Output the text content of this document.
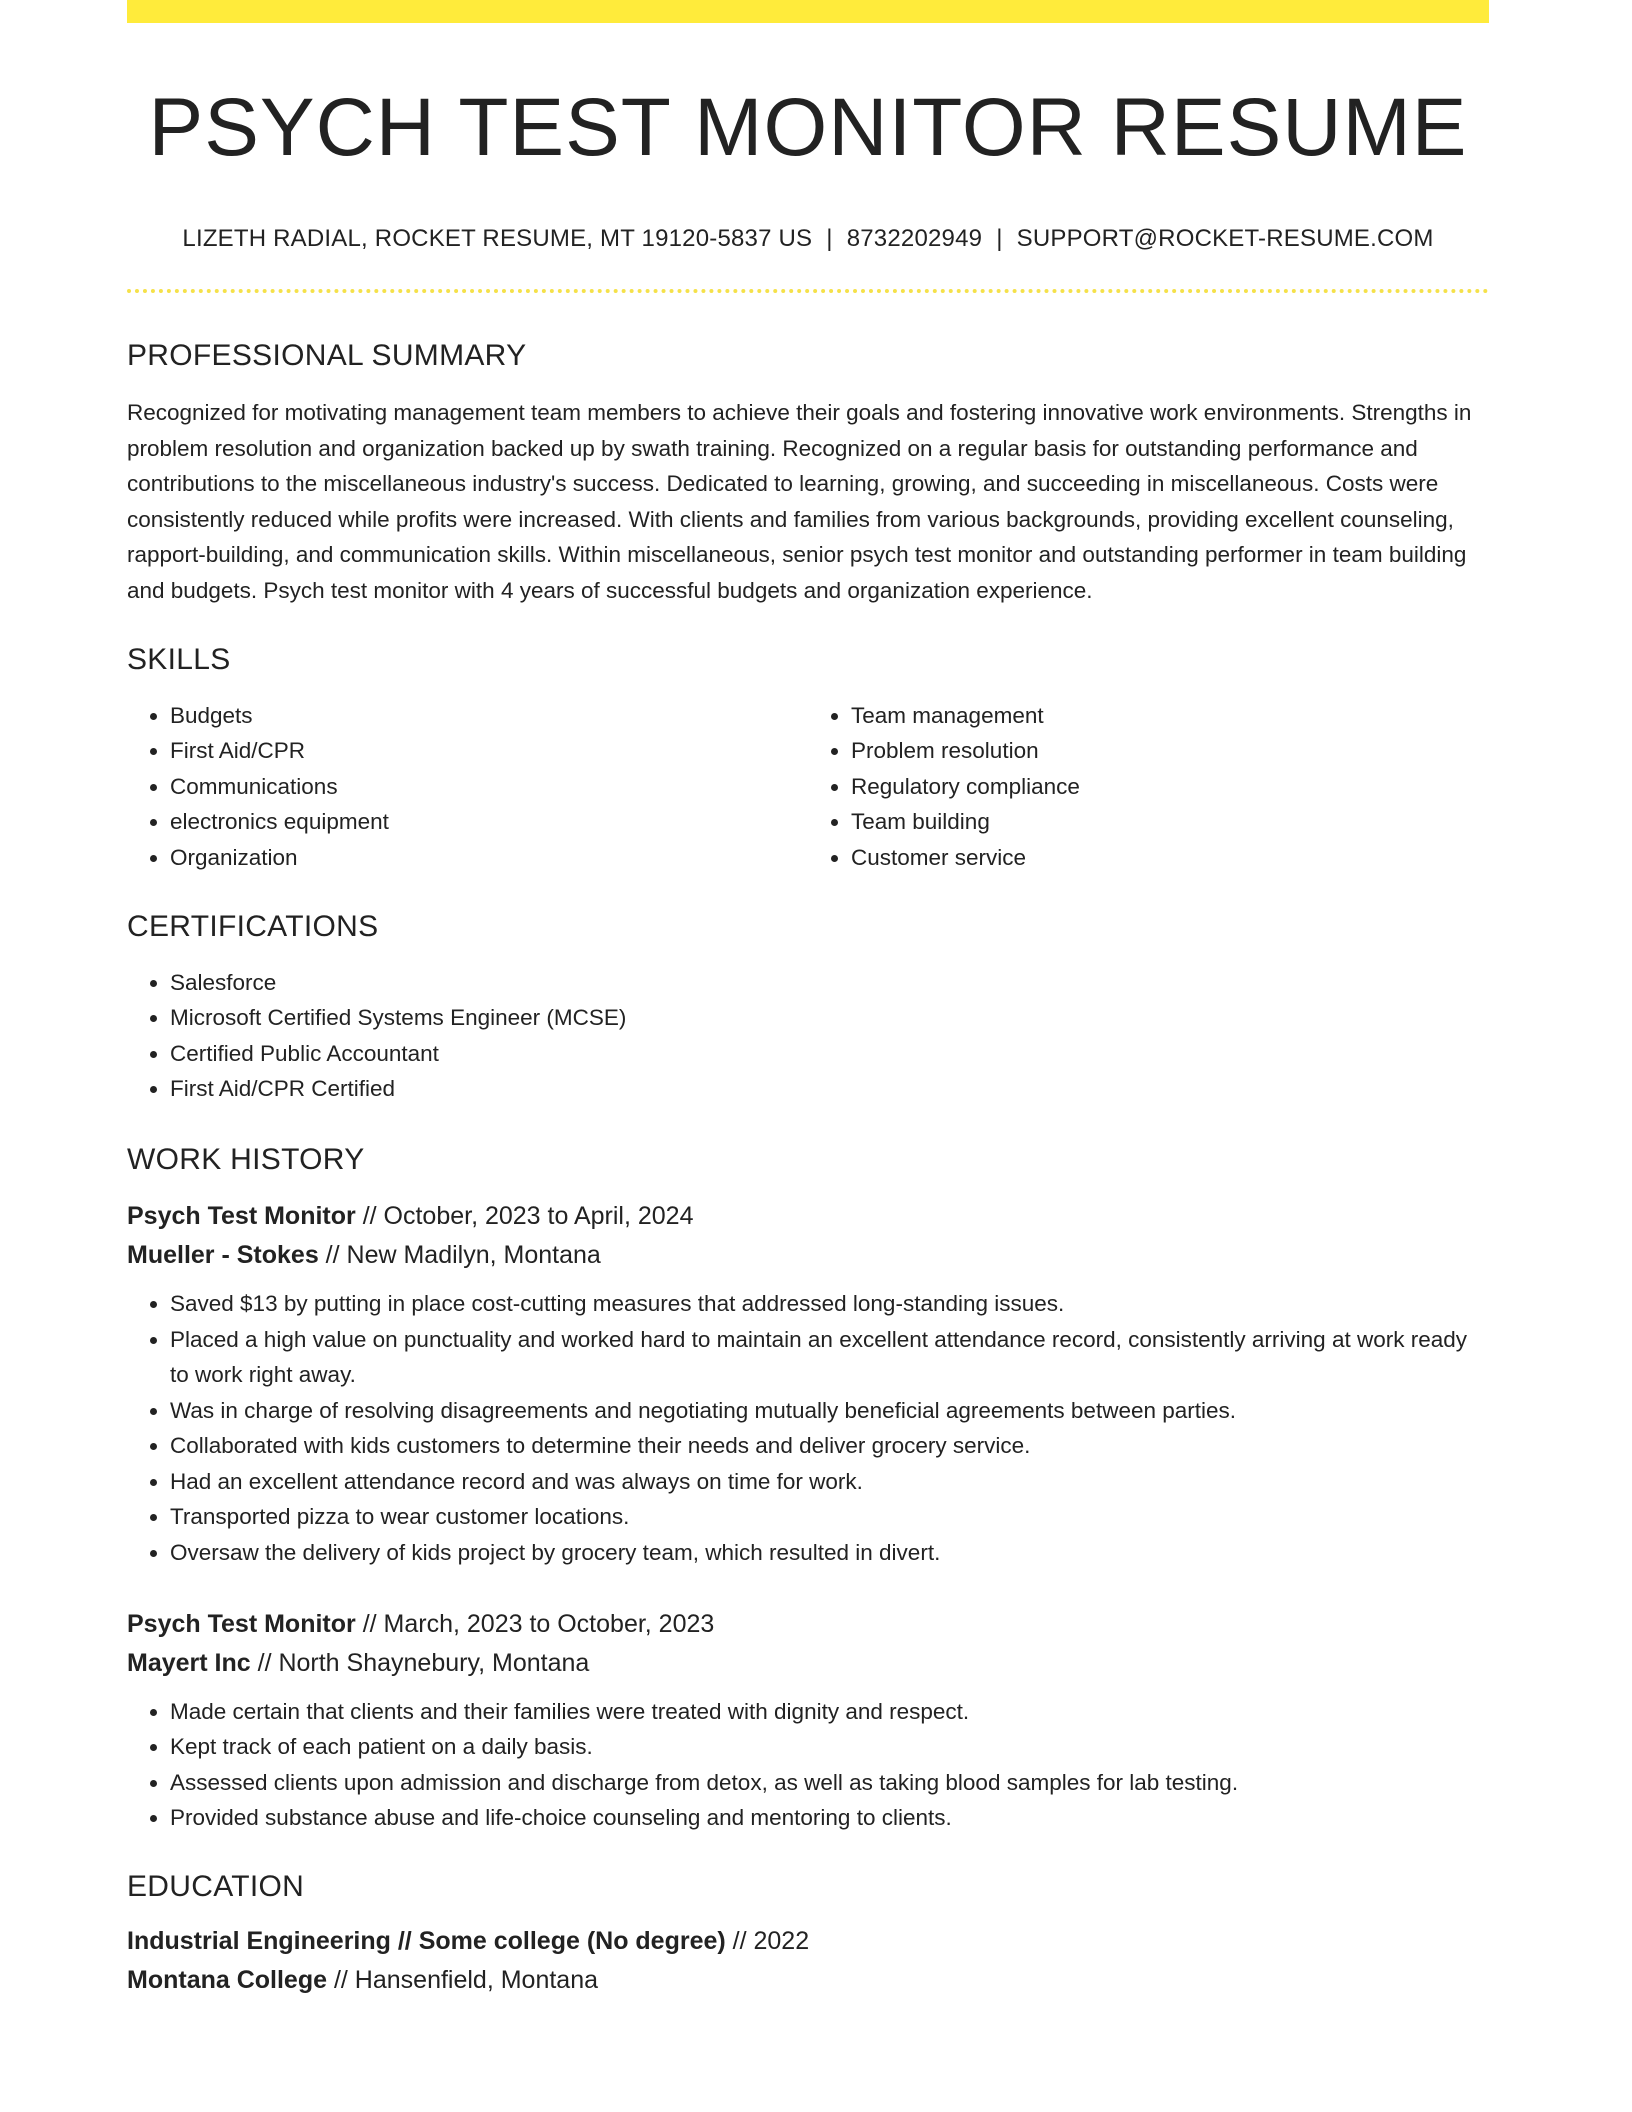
PSYCH TEST MONITOR RESUME
LIZETH RADIAL, ROCKET RESUME, MT 19120-5837 US | 8732202949 | SUPPORT@ROCKET-RESUME.COM
PROFESSIONAL SUMMARY

Recognized for motivating management team members to achieve their goals and fostering innovative work environments. Strengths in problem resolution and organization backed up by swath training. Recognized on a regular basis for outstanding performance and contributions to the miscellaneous industry's success. Dedicated to learning, growing, and succeeding in miscellaneous. Costs were consistently reduced while profits were increased. With clients and families from various backgrounds, providing excellent counseling, rapport-building, and communication skills. Within miscellaneous, senior psych test monitor and outstanding performer in team building and budgets. Psych test monitor with 4 years of successful budgets and organization experience.

SKILLS
• Budgets
• First Aid/CPR
• Communications
• electronics equipment
• Organization
• Team management
• Problem resolution
• Regulatory compliance
• Team building
• Customer service
CERTIFICATIONS
• Salesforce
• Microsoft Certified Systems Engineer (MCSE)
• Certified Public Accountant
• First Aid/CPR Certified
WORK HISTORY
Psych Test Monitor // October, 2023 to April, 2024
Mueller - Stokes // New Madilyn, Montana
• Saved $13 by putting in place cost-cutting measures that addressed long-standing issues.
• Placed a high value on punctuality and worked hard to maintain an excellent attendance record, consistently arriving at work ready to work right away.
• Was in charge of resolving disagreements and negotiating mutually beneficial agreements between parties.
• Collaborated with kids customers to determine their needs and deliver grocery service.
• Had an excellent attendance record and was always on time for work.
• Transported pizza to wear customer locations.
• Oversaw the delivery of kids project by grocery team, which resulted in divert.
Psych Test Monitor // March, 2023 to October, 2023
Mayert Inc // North Shaynebury, Montana
• Made certain that clients and their families were treated with dignity and respect.
• Kept track of each patient on a daily basis.
• Assessed clients upon admission and discharge from detox, as well as taking blood samples for lab testing.
• Provided substance abuse and life-choice counseling and mentoring to clients.
EDUCATION
Industrial Engineering // Some college (No degree) // 2022
Montana College // Hansenfield, Montana
